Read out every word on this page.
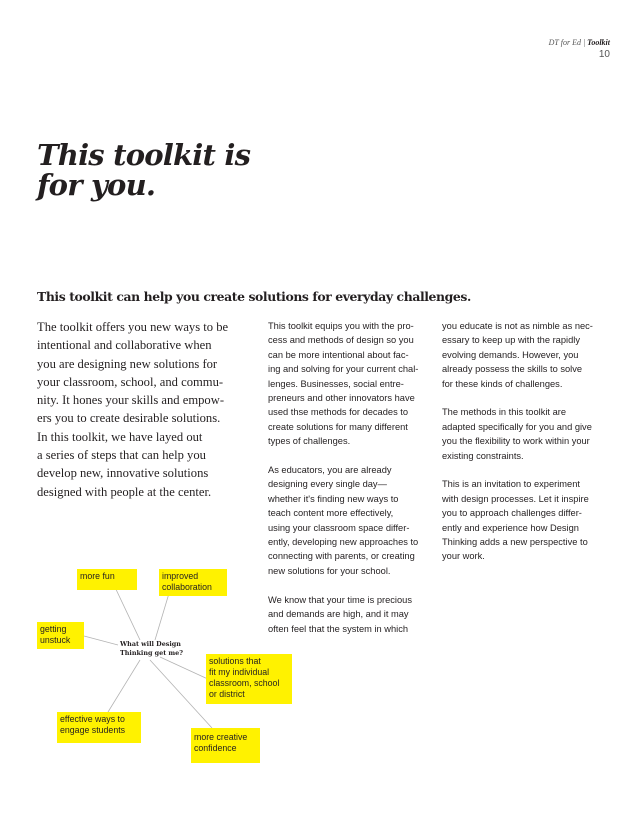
DT for Ed | Toolkit
10
This toolkit is
for you.
This toolkit can help you create solutions for everyday challenges.
The toolkit offers you new ways to be
intentional and collaborative when
you are designing new solutions for
your classroom, school, and commu-
nity. It hones your skills and empow-
ers you to create desirable solutions.
In this toolkit, we have layed out
a series of steps that can help you
develop new, innovative solutions
designed with people at the center.

This toolkit equips you with the pro-
cess and methods of design so you
can be more intentional about fac-
ing and solving for your current chal-
lenges. Businesses, social entre-
preneurs and other innovators have
used thse methods for decades to
create solutions for many different
types of challenges.

As educators, you are already
designing every single day—
whether it's finding new ways to
teach content more effectively,
using your classroom space differ-
ently, developing new approaches to
connecting with parents, or creating
new solutions for your school.

We know that your time is precious
and demands are high, and it may
often feel that the system in which

you educate is not as nimble as nec-
essary to keep up with the rapidly
evolving demands. However, you
already possess the skills to solve
for these kinds of challenges.

The methods in this toolkit are
adapted specifically for you and give
you the flexibility to work within your
existing constraints.

This is an invitation to experiment
with design processes. Let it inspire
you to approach challenges differ-
ently and experience how Design
Thinking adds a new perspective to
your work.

What will Design
Thinking get me?
more fun	improved
collaboration
getting
unstuck
solutions that
fit my individual
classroom, school
or district
effective ways to
engage students
more creative
confidence
